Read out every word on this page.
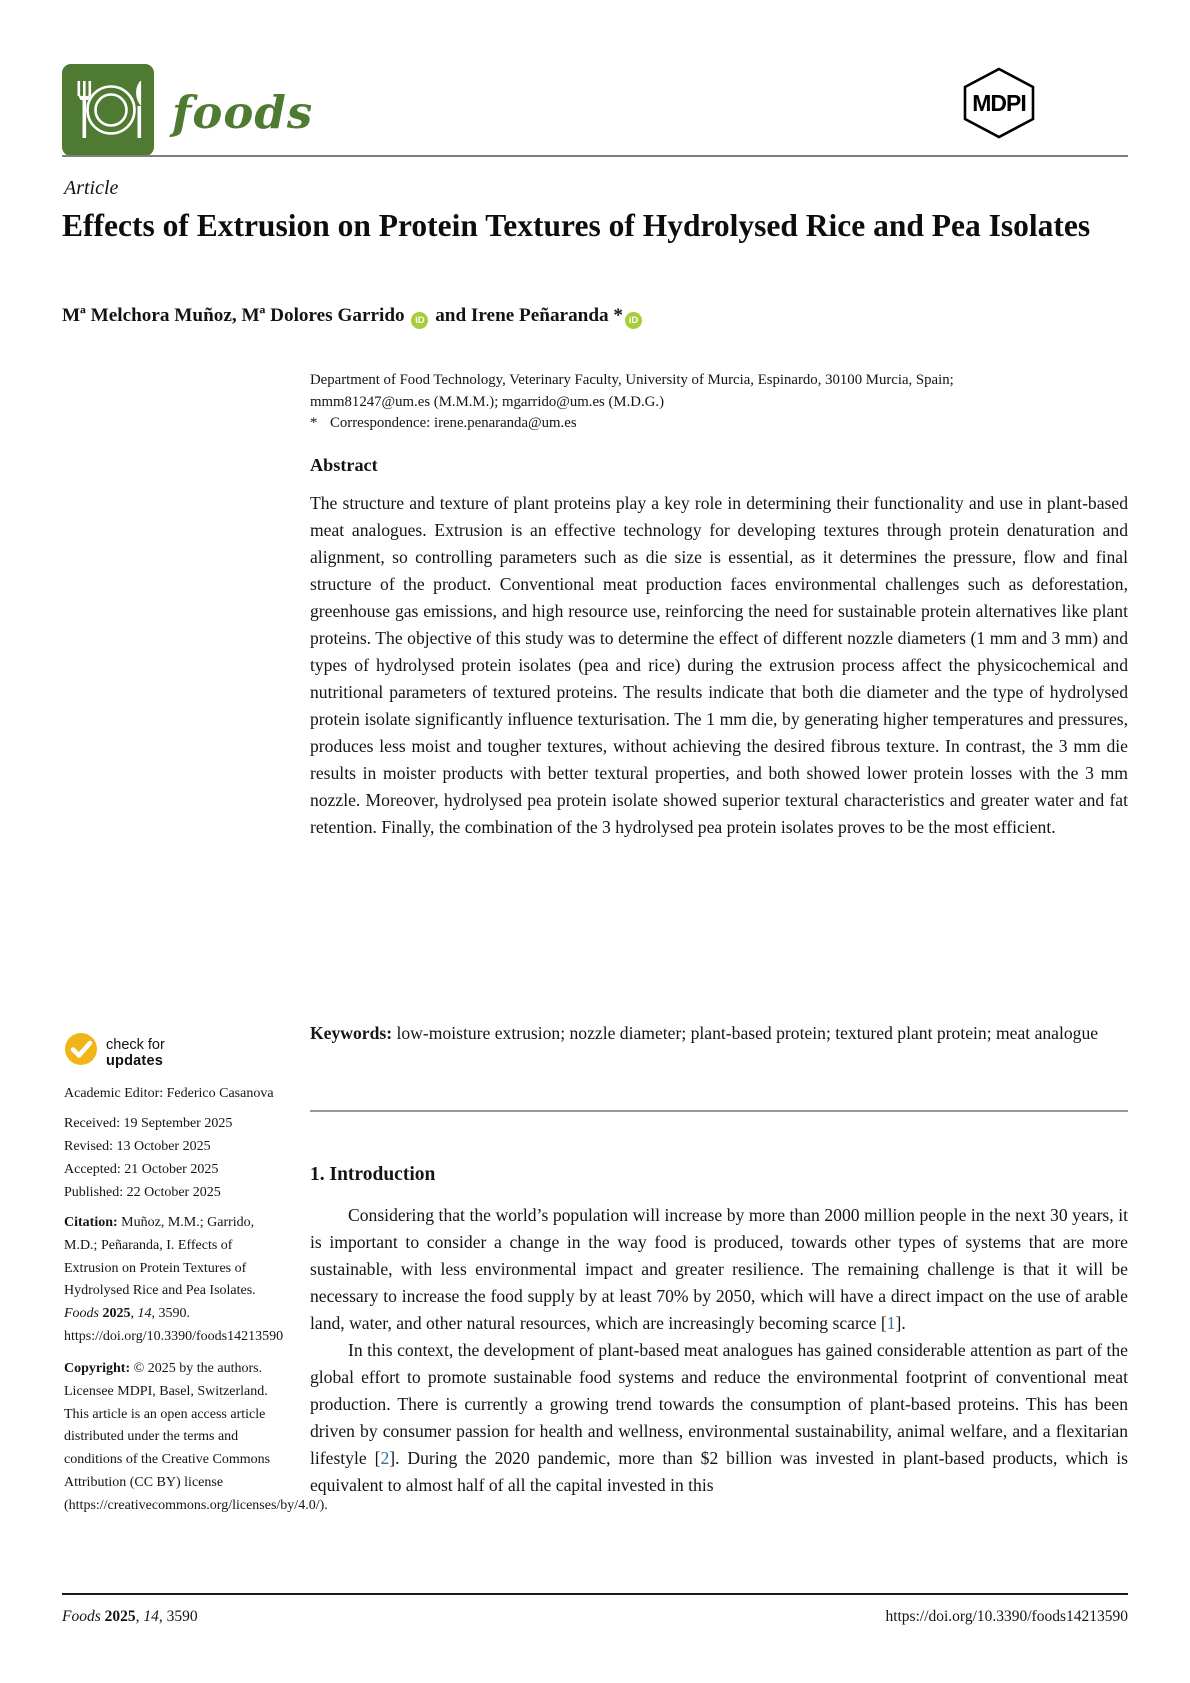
foods	MDPI
Article
Effects of Extrusion on Protein Textures of Hydrolysed Rice and Pea Isolates
Mª Melchora Muñoz, Mª Dolores Garrido iD and Irene Peñaranda * iD
Department of Food Technology, Veterinary Faculty, University of Murcia, Espinardo, 30100 Murcia, Spain;
mmm81247@um.es (M.M.M.); mgarrido@um.es (M.D.G.)
* Correspondence: irene.penaranda@um.es
Abstract
The structure and texture of plant proteins play a key role in determining their functionality and use in plant-based meat analogues. Extrusion is an effective technology for developing textures through protein denaturation and alignment, so controlling parameters such as die size is essential, as it determines the pressure, flow and final structure of the product. Conventional meat production faces environmental challenges such as deforestation, greenhouse gas emissions, and high resource use, reinforcing the need for sustainable protein alternatives like plant proteins. The objective of this study was to determine the effect of different nozzle diameters (1 mm and 3 mm) and types of hydrolysed protein isolates (pea and rice) during the extrusion process affect the physicochemical and nutritional parameters of textured proteins. The results indicate that both die diameter and the type of hydrolysed protein isolate significantly influence texturisation. The 1 mm die, by generating higher temperatures and pressures, produces less moist and tougher textures, without achieving the desired fibrous texture. In contrast, the 3 mm die results in moister products with better textural properties, and both showed lower protein losses with the 3 mm nozzle. Moreover, hydrolysed pea protein isolate showed superior textural characteristics and greater water and fat retention. Finally, the combination of the 3 hydrolysed pea protein isolates proves to be the most efficient.
Keywords: low-moisture extrusion; nozzle diameter; plant-based protein; textured plant protein; meat analogue
1. Introduction

Considering that the world’s population will increase by more than 2000 million people in the next 30 years, it is important to consider a change in the way food is produced, towards other types of systems that are more sustainable, with less environmental impact and greater resilience. The remaining challenge is that it will be necessary to increase the food supply by at least 70% by 2050, which will have a direct impact on the use of arable land, water, and other natural resources, which are increasingly becoming scarce [1].

In this context, the development of plant-based meat analogues has gained considerable attention as part of the global effort to promote sustainable food systems and reduce the environmental footprint of conventional meat production. There is currently a growing trend towards the consumption of plant-based proteins. This has been driven by consumer passion for health and wellness, environmental sustainability, animal welfare, and a flexitarian lifestyle [2]. During the 2020 pandemic, more than $2 billion was invested in plant-based products, which is equivalent to almost half of all the capital invested in this

check for
updates
Academic Editor: Federico Casanova
Received: 19 September 2025
Revised: 13 October 2025
Accepted: 21 October 2025
Published: 22 October 2025
Citation: Muñoz, M.M.; Garrido, M.D.; Peñaranda, I. Effects of Extrusion on Protein Textures of Hydrolysed Rice and Pea Isolates. Foods 2025, 14, 3590. https://doi.org/10.3390/foods14213590
Copyright: © 2025 by the authors. Licensee MDPI, Basel, Switzerland. This article is an open access article distributed under the terms and conditions of the Creative Commons Attribution (CC BY) license (https://creativecommons.org/licenses/by/4.0/).
Foods 2025, 14, 3590	https://doi.org/10.3390/foods14213590
